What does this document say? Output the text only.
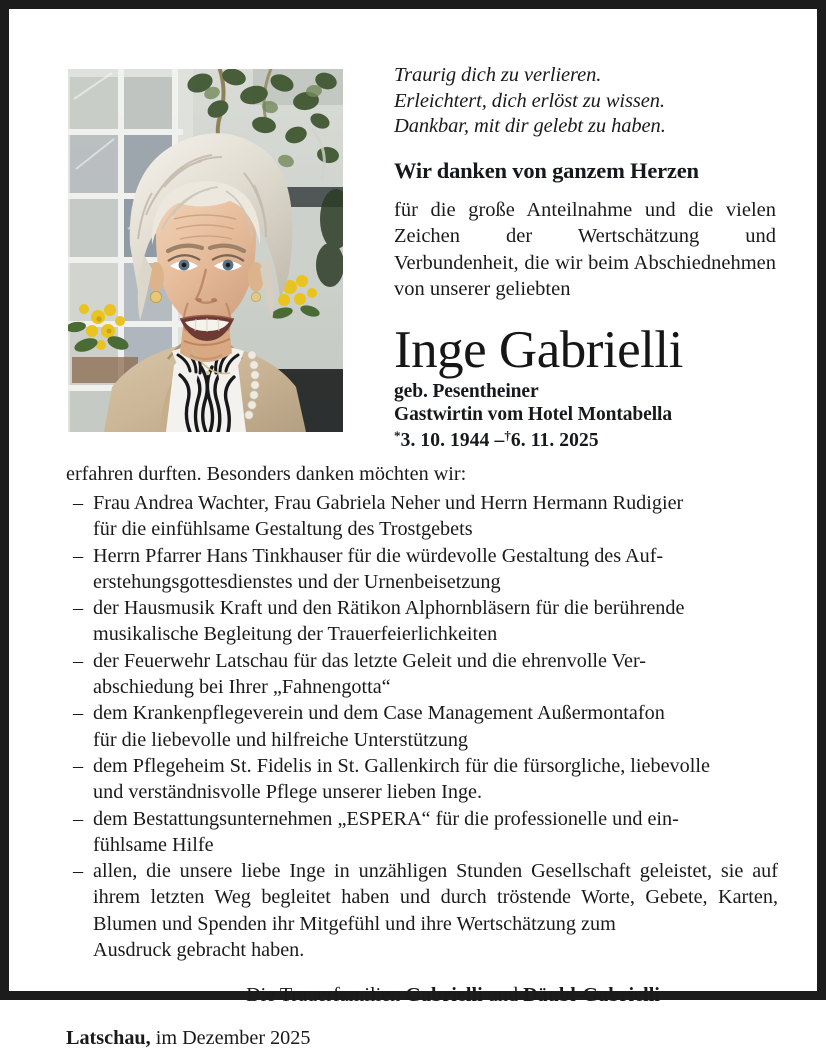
Traurig dich zu verlieren.
Erleichtert, dich erlöst zu wissen.
Dankbar, mit dir gelebt zu haben.
Wir danken von ganzem Herzen
für die große Anteilnahme und die vielen Zeichen der Wertschätzung und Verbundenheit, die wir beim Abschiednehmen von unserer geliebten
Inge Gabrielli
geb. Pesentheiner
Gastwirtin vom Hotel Montabella
*3. 10. 1944 –†6. 11. 2025
erfahren durften. Besonders danken möchten wir:
– Frau Andrea Wachter, Frau Gabriela Neher und Herrn Hermann Rudigier
für die einfühlsame Gestaltung des Trostgebets
– Herrn Pfarrer Hans Tinkhauser für die würdevolle Gestaltung des Auf-
erstehungsgottesdienstes und der Urnenbeisetzung
– der Hausmusik Kraft und den Rätikon Alphornbläsern für die berührende
musikalische Begleitung der Trauerfeierlichkeiten
– der Feuerwehr Latschau für das letzte Geleit und die ehrenvolle Ver-
abschiedung bei Ihrer „Fahnengotta“
– dem Krankenpflegeverein und dem Case Management Außermontafon
für die liebevolle und hilfreiche Unterstützung
– dem Pflegeheim St. Fidelis in St. Gallenkirch für die fürsorgliche, liebevolle
und verständnisvolle Pflege unserer lieben Inge.
– dem Bestattungsunternehmen „ESPERA“ für die professionelle und ein-
fühlsame Hilfe
– allen, die unsere liebe Inge in unzähligen Stunden Gesellschaft geleistet, sie auf ihrem letzten Weg begleitet haben und durch tröstende Worte, Gebete, Karten, Blumen und Spenden ihr Mitgefühl und ihre Wertschätzung zum
Ausdruck gebracht haben.
Die Trauerfamilien Gabrielli und Däubl-Gabrielli
Latschau, im Dezember 2025
